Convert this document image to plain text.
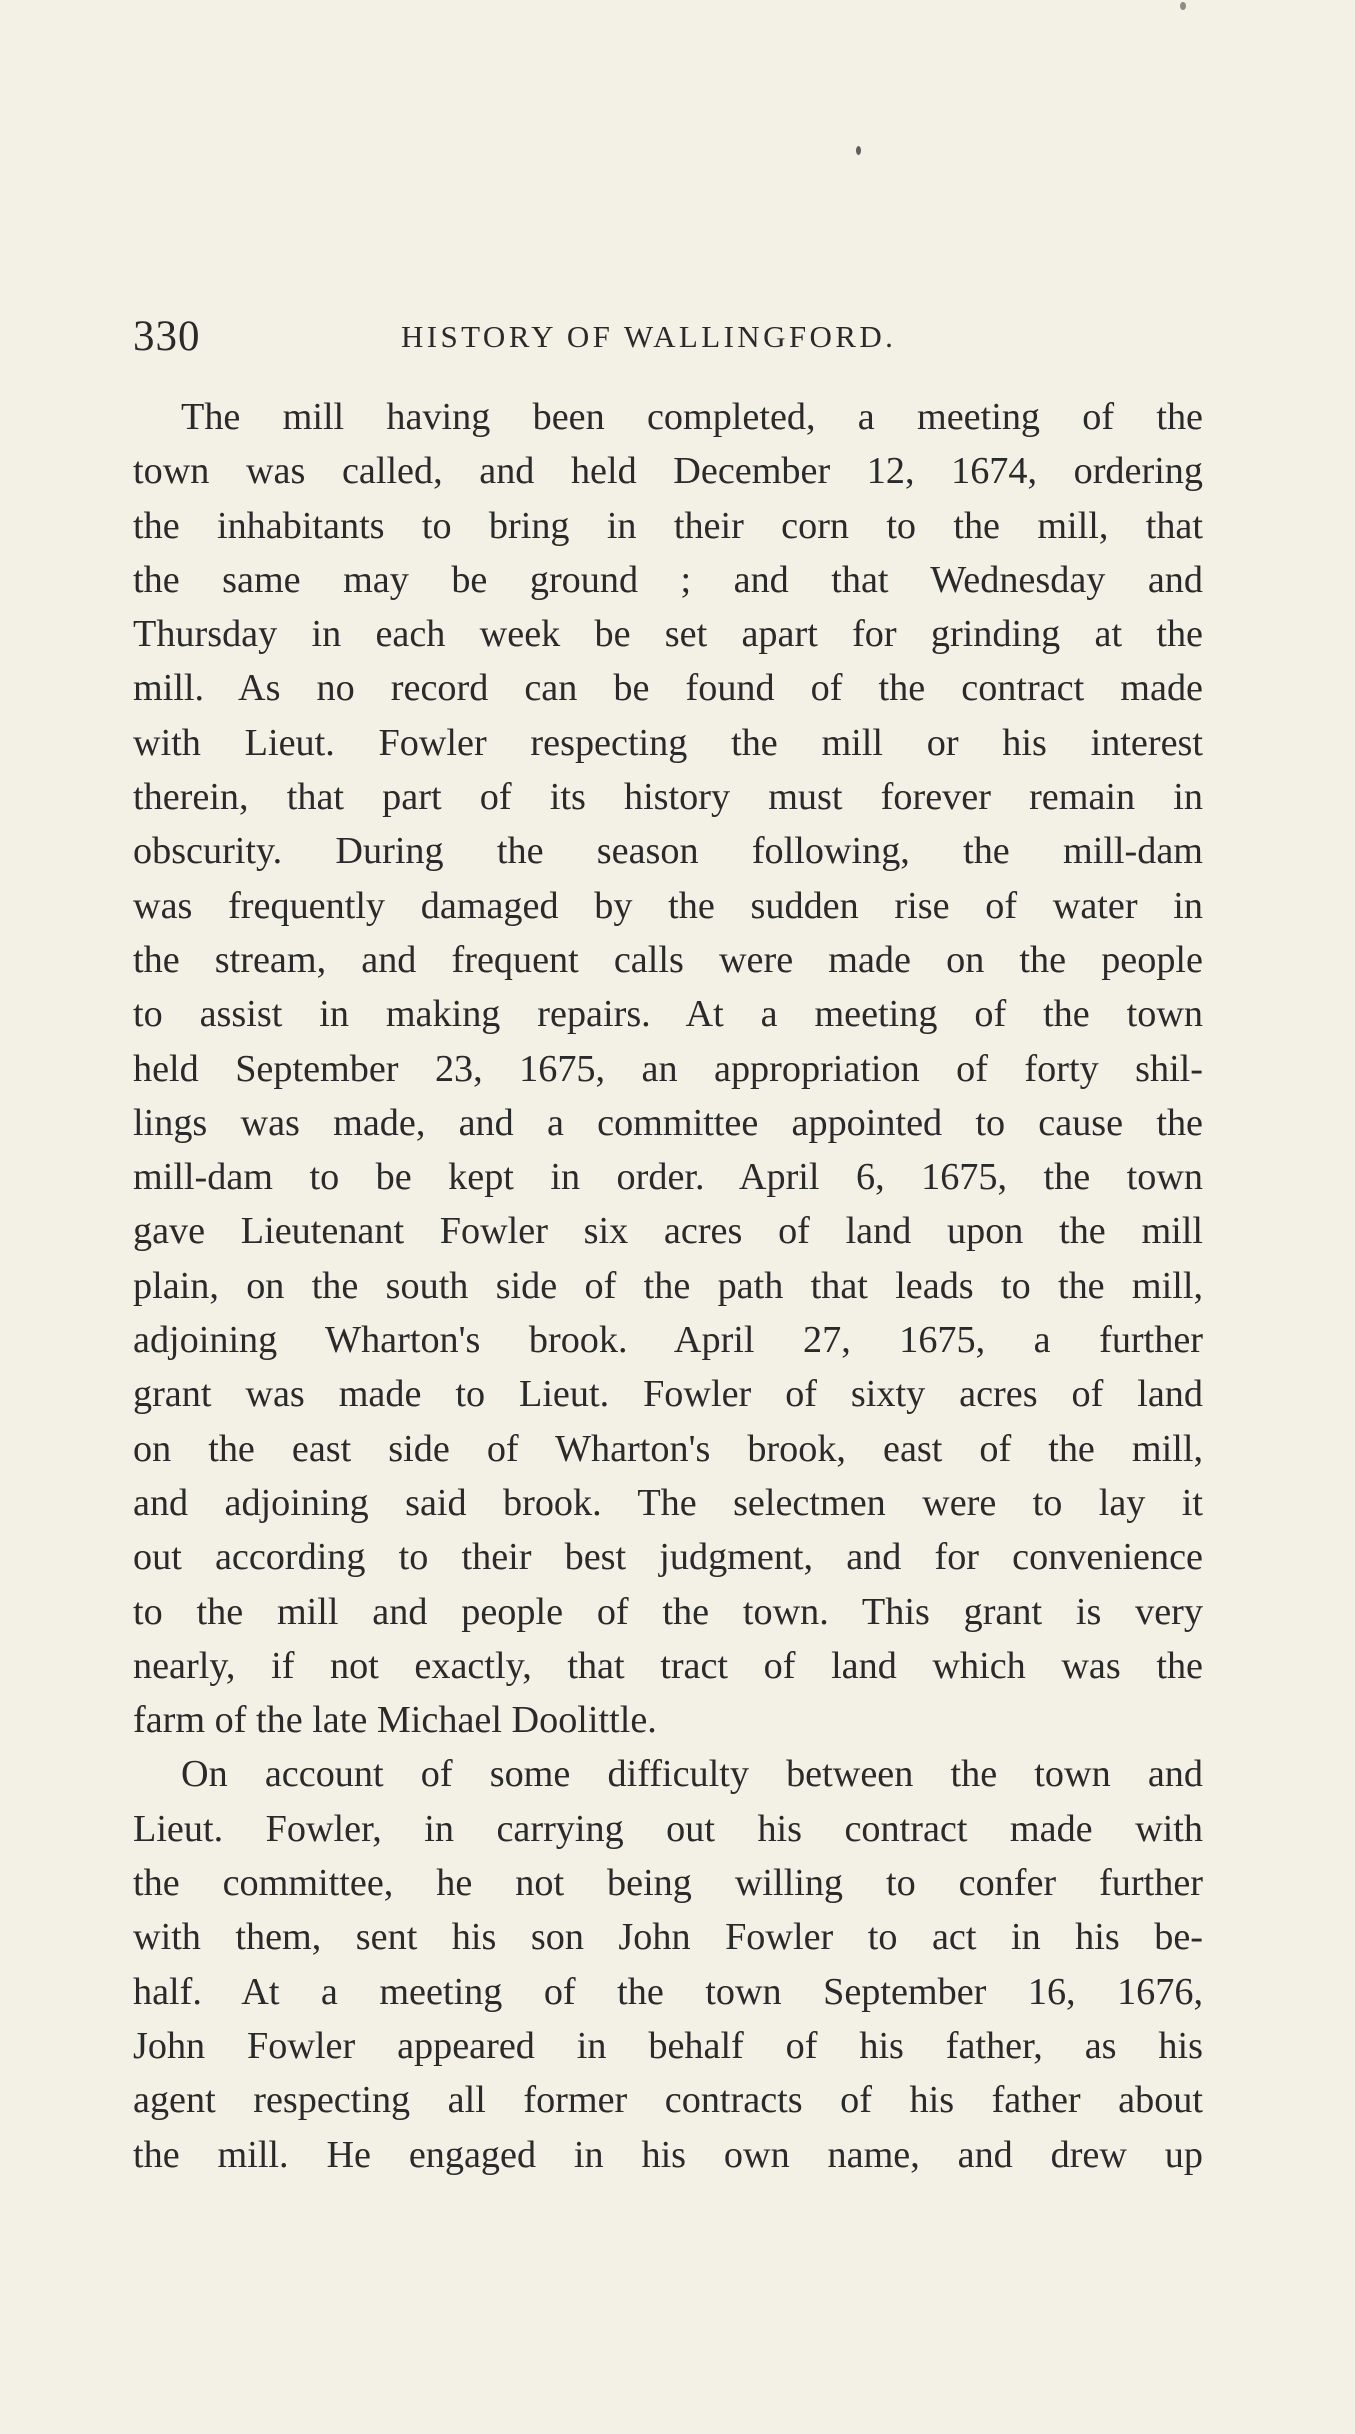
330	HISTORY OF WALLINGFORD.
The mill having been completed, a meeting of the
town was called, and held December 12, 1674, ordering
the inhabitants to bring in their corn to the mill, that
the same may be ground ; and that Wednesday and
Thursday in each week be set apart for grinding at the
mill. As no record can be found of the contract made
with Lieut. Fowler respecting the mill or his interest
therein, that part of its history must forever remain in
obscurity. During the season following, the mill-dam
was frequently damaged by the sudden rise of water in
the stream, and frequent calls were made on the people
to assist in making repairs. At a meeting of the town
held September 23, 1675, an appropriation of forty shil-
lings was made, and a committee appointed to cause the
mill-dam to be kept in order. April 6, 1675, the town
gave Lieutenant Fowler six acres of land upon the mill
plain, on the south side of the path that leads to the mill,
adjoining Wharton's brook. April 27, 1675, a further
grant was made to Lieut. Fowler of sixty acres of land
on the east side of Wharton's brook, east of the mill,
and adjoining said brook. The selectmen were to lay it
out according to their best judgment, and for convenience
to the mill and people of the town. This grant is very
nearly, if not exactly, that tract of land which was the
farm of the late Michael Doolittle.
On account of some difficulty between the town and
Lieut. Fowler, in carrying out his contract made with
the committee, he not being willing to confer further
with them, sent his son John Fowler to act in his be-
half. At a meeting of the town September 16, 1676,
John Fowler appeared in behalf of his father, as his
agent respecting all former contracts of his father about
the mill. He engaged in his own name, and drew up
